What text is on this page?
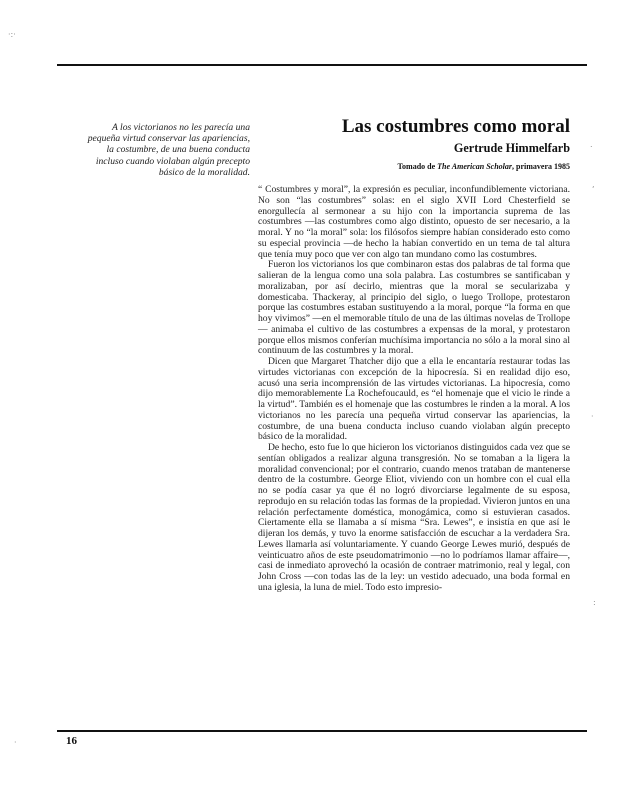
·:·
.
,
·
:
·

A los victorianos no les parecía una pequeña virtud conservar las apariencias, la costumbre, de una buena conducta incluso cuando violaban algún precepto básico de la moralidad.

Las costumbres como moral
Gertrude Himmelfarb

Tomado de The American Scholar, primavera 1985

“ Costumbres y moral”, la expresión es peculiar, inconfundiblemente victoriana. No son “las costumbres” solas: en el siglo XVII Lord Chesterfield se enorgullecía al sermonear a su hijo con la importancia suprema de las costumbres —las costumbres como algo distinto, opuesto de ser necesario, a la moral. Y no “la moral” sola: los filósofos siempre habían considerado esto como su especial provincia —de hecho la habían convertido en un tema de tal altura que tenía muy poco que ver con algo tan mundano como las costumbres.

Fueron los victorianos los que combinaron estas dos palabras de tal forma que salieran de la lengua como una sola palabra. Las costumbres se santificaban y moralizaban, por así decirlo, mientras que la moral se secularizaba y domesticaba. Thackeray, al principio del siglo, o luego Trollope, protestaron porque las costumbres estaban sustituyendo a la moral, porque “la forma en que hoy vivimos” —en el memorable título de una de las últimas novelas de Trollope— animaba el cultivo de las costumbres a expensas de la moral, y protestaron porque ellos mismos conferían muchísima importancia no sólo a la moral sino al continuum de las costumbres y la moral.

Dicen que Margaret Thatcher dijo que a ella le encantaría restaurar todas las virtudes victorianas con excepción de la hipocresía. Si en realidad dijo eso, acusó una seria incomprensión de las virtudes victorianas. La hipocresía, como dijo memorablemente La Rochefoucauld, es “el homenaje que el vicio le rinde a la virtud”. También es el homenaje que las costumbres le rinden a la moral. A los victorianos no les parecía una pequeña virtud conservar las apariencias, la costumbre, de una buena conducta incluso cuando violaban algún precepto básico de la moralidad.

De hecho, esto fue lo que hicieron los victorianos distinguidos cada vez que se sentían obligados a realizar alguna transgresión. No se tomaban a la ligera la moralidad convencional; por el contrario, cuando menos trataban de mantenerse dentro de la costumbre. George Eliot, viviendo con un hombre con el cual ella no se podía casar ya que él no logró divorciarse legalmente de su esposa, reprodujo en su relación todas las formas de la propiedad. Vivieron juntos en una relación perfectamente doméstica, monogámica, como si estuvieran casados. Ciertamente ella se llamaba a sí misma “Sra. Lewes”, e insistía en que así le dijeran los demás, y tuvo la enorme satisfacción de escuchar a la verdadera Sra. Lewes llamarla así voluntariamente. Y cuando George Lewes murió, después de veinticuatro años de este pseudomatrimonio —no lo podríamos llamar affaire—, casi de inmediato aprovechó la ocasión de contraer matrimonio, real y legal, con John Cross —con todas las de la ley: un vestido adecuado, una boda formal en una iglesia, la luna de miel. Todo esto impresio-

16
